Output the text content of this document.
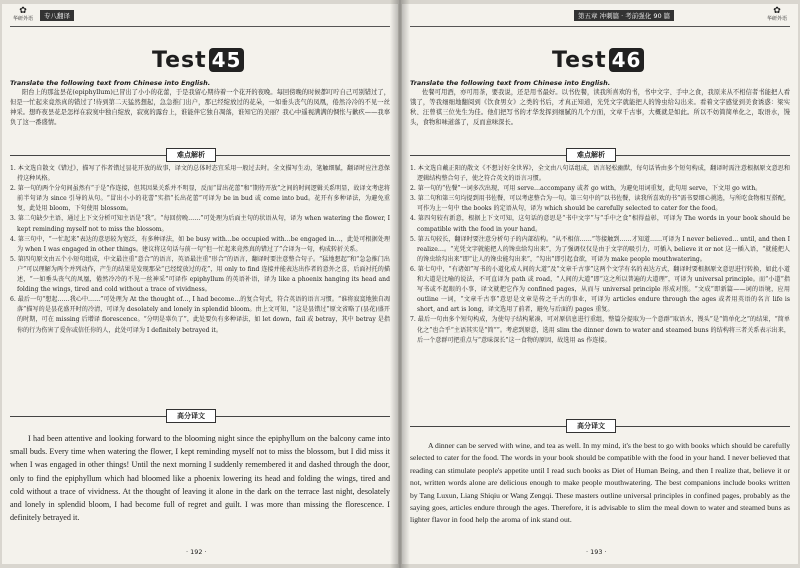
✿
华研外语	专八翻译
Test 45
Translate the following text from Chinese into English.
阳台上的那盆昙花(epiphyllum)已冒出了小小的花蕾，于是我留心期待着一个花开的夜晚。每回傍晚的时候都叮咛自己可别错过了，但是一忙起来竟然真的错过了!待到第二天猛然想起，急急推门出户，那已经绽放过的花朵，一如垂头丧气的凤凰，倦然冷冷的不见一丝神采。想昨夜昙花是怎样在寂寞中独自绽放，寂寞的露台上，谁能伴它独自凋落，谁知它的美丽？我心中遥视满满的惆怅与歉疚——我辜负了这一番盛情。
难点解析
1. 本文选自散文《错过》，描写了作者错过昙花开放的故事，译文的总体时态宜采用一般过去时。全文描写生动，笔触细腻，翻译时应注意保持这种风格。
2. 第一句的两个分句间虽然有“于是”作连接，但其因果关系并不明显，反而“冒出花蕾”和“期待开放”之间的时间逻辑关系明显，故译文考虑将前半句译为 since 引导的从句。“冒出小小的花蕾”实指“长出花蕾”可译为 be in bud 或 come into bud。花开有多种译法，为避免重复，此处用 bloom，下句使用 blossom。
3. 第二句缺少主语，通过上下文分析可知主语是“我”。“每回傍晚……”可处理为后面主句的状语从句，译为 when watering the flower, I kept reminding myself not to miss the blossom。
4. 第三句中，“一忙起来”表达的意思较为宽泛，有多种译法，如 be busy with…be occupied with…be engaged in…，此处可根据处理为 when I was engaged in other things。建议将这句话与前一句“但一忙起来竟然真的错过了”合译为一句，构成转折关系。
5. 第四句原文由五个小短句组成，中文最注重“意合”的语言，英语最注重“形合”的语言，翻译时要注意整合句子。“猛地想起”和“急急推门出户”可以理解为两个并列动作，产生的结果是发现那朵“已经绽放过的花”，用 only to find 连接并能表达出作者的意外之喜，后面衬托的描述，“一如垂头丧气的凤凰，倦然冷冷的不见一丝神采”可译作 epiphyllum 的英语补语，译为 like a phoenix hanging its head and folding the wings, tired and cold without a trace of vividness。
6. 最后一句“想起……我心中……”可处理为 At the thought of…, I had become…的复合句式，符合英语的语言习惯。“谁将寂寞地独自凋落”描写的是昙花盛开时的冷清，可译为 desolately and lonely in splendid bloom。由上文可知，“这是昙错过”原文省略了(昙花)盛开的时期，可在 missing 后增译 florescence。“分明是辜负了”，此处要负有多种译法，如 let down，fail 或 betray，其中 betray 是指你的行为伤害了爱你或信任你的人，此处可译为 I definitely betrayed it。
高分译文

I had been attentive and looking forward to the blooming night since the epiphyllum on the balcony came into small buds. Every time when watering the flower, I kept reminding myself not to miss the blossom, but I did miss it when I was engaged in other things! Until the next morning I suddenly remembered it and dashed through the door, only to find the epiphyllum which had bloomed like a phoenix lowering its head and folding the wings, tired and cold without a trace of vividness. At the thought of leaving it alone in the dark on the terrace last night, desolately and lonely in splendid bloom, I had become full of regret and guilt. I was more than missing the florescence. I definitely betrayed it.

· 192 ·
第五章 冲刺篇 · 考前强化 90 篇	✿
华研外语
Test 46
Translate the following text from Chinese into English.
佐餐可用酒，亦可用茶，要我说，还是用书最好。以书佐餐，读我所喜欢的书，书中文字、手中之食，我原来从不相信者书能把人看饿了，等我细细地翻阅到《饮食男女》之类的书后，才真正知道，光凭文字就能把人的馋虫给勾出来。看着文字感觉到美食诱惑：梁实秋、汪曾祺三位先生为佳。他们把写书的才华发挥到细腻的几个方面，文章千古事，大概就是如此。所以不妨简简单化之，取语水，馒头，食物和味道落了，反而意味深长。
难点解析
1. 本文选自戴正阳的散文《不想讨好全世界》，全文由八句话组成，语言轻松幽默，每句话皆由多个短句构成，翻译时需注意根据原文意思和逻辑结构整合句子，使之符合英文的语言习惯。
2. 第一句的“佐餐”一词多次出现，可用 serve…accompany 或者 go with，为避免用词重复，此句用 serve，下文用 go with。
3. 第二句和第三句均提到用书佐餐，可以考虑整合为一句。第三句中的“以书佐餐，读我所喜欢的书”需书要细心挑选，与所吃食物相互搭配，可作为上一句中 the books 的定语从句，译为 which should be carefully selected to cater for the food。
4. 第四句较有新意，根据上下文可知，这句话的意思是“书中文字”与“手中之食”相得益彰，可译为 The words in your book should be compatible with the food in your hand。
5. 第五句较长，翻译时要注意分析句子的内部结构。“从不相信……”等接触到……才知道……可译为 I never believed… until, and then I realize…。“光凭文字就能把人的馋虫给勾出来”，为了强调仅仅是由于文字的吸引力，可插入 believe it or not 这一插入语，“就能把人的馋虫给勾出来”即“让人的馋虫能勾出来”，“勾出”即引起食欲，可译为 make people mouthwatering。
6. 第七句中，“有诸如”写书的小道化成人间的大道”及“文章千古事”这两个文学有名的表达方式，翻译时要根据原文意思进行转换，如此小道和大道是比喻的说法，不可直译为 path 或 road，“人间的大道”即“这之所以普遍的大道理”，可译为 universal principle。而“小道”指写书或不起眼的小事，译文就把它作为 confined pages，从而与 universal principle 形成对照。“文成”即新篇——词的语境，应用 outline 一词，“文章千古事”意思是文章是传之千古的事业，可译为 articles endure through the ages 或者用英语的名言 life is short, and art is long，译文选用了前者，避免与后面的 pages 重复。
7. 最后一句由多个短句构成，为使句子结构紧凑，可对原信息进行重组，整篇分提取为一个意群“取语水，馒头”是“简单化之”的结果，“简单化之”也合乎“主语其实是”简“”。考虑到原意，选用 slim the dinner down to water and steamed buns 的结构将三者关系表示出来，后一个意群可把重点与“意味深长”这一食物的原因，故选用 as 作连接。
高分译文

A dinner can be served with wine, and tea as well. In my mind, it's the best to go with books which should be carefully selected to cater for the food. The words in your book should be compatible with the food in your hand. I never believed that reading can stimulate people's appetite until I read such books as Diet of Human Being, and then I realize that, believe it or not, written words alone are delicious enough to make people mouthwatering. The best companions include books written by Tang Luxun, Liang Shiqiu or Wang Zengqi. These masters outline universal principles in confined pages, probably as the saying goes, articles endure through the ages. Therefore, it is advisable to slim the meal down to water and steamed buns as lighter flavor in food help the aroma of ink stand out.

· 193 ·
